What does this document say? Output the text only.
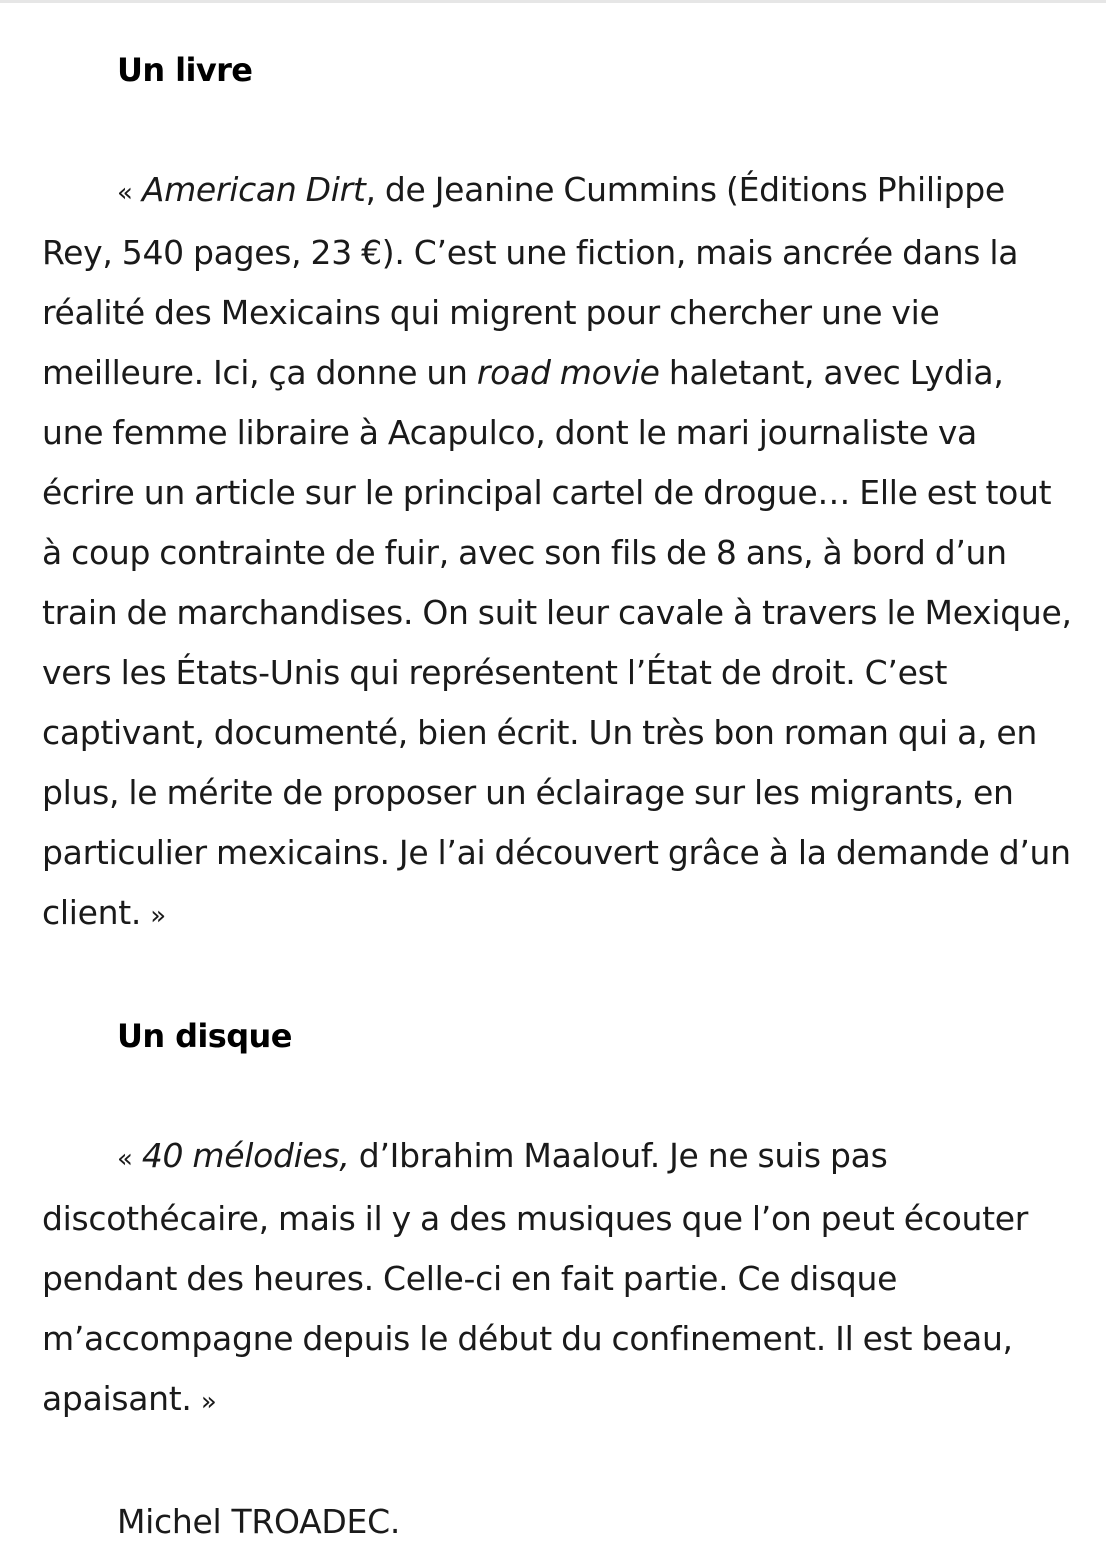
Un livre

« American Dirt, de Jeanine Cummins (Éditions Philippe Rey, 540 pages, 23 €). C’est une fiction, mais ancrée dans la réalité des Mexicains qui migrent pour chercher une vie meilleure. Ici, ça donne un road movie haletant, avec Lydia, une femme libraire à Acapulco, dont le mari journaliste va écrire un article sur le principal cartel de drogue… Elle est tout à coup contrainte de fuir, avec son fils de 8 ans, à bord d’un train de marchandises. On suit leur cavale à travers le Mexique, vers les États-Unis qui représentent l’État de droit. C’est captivant, documenté, bien écrit. Un très bon roman qui a, en plus, le mérite de proposer un éclairage sur les migrants, en particulier mexicains. Je l’ai découvert grâce à la demande d’un client. »

Un disque

« 40 mélodies, d’Ibrahim Maalouf. Je ne suis pas discothécaire, mais il y a des musiques que l’on peut écouter pendant des heures. Celle-ci en fait partie. Ce disque m’accompagne depuis le début du confinement. Il est beau, apaisant. »

Michel TROADEC.
